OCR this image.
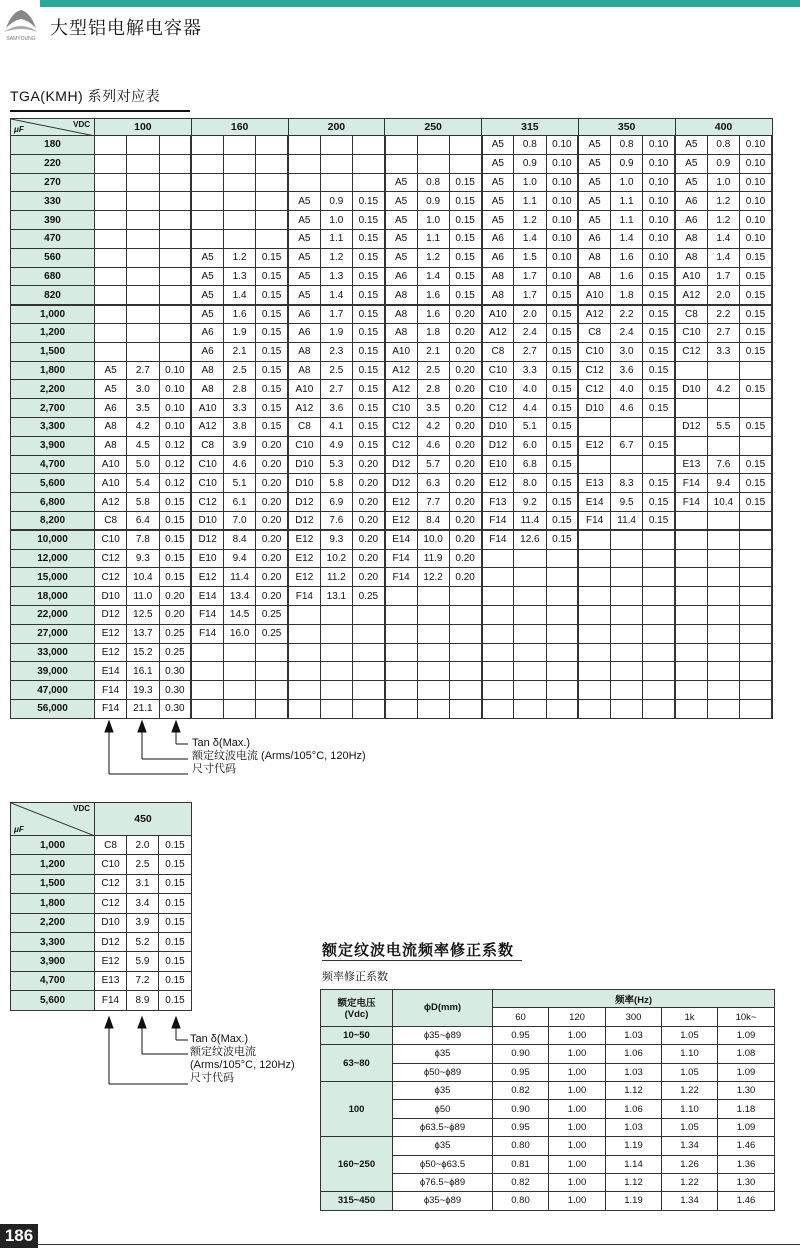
SAMYOUNG
大型铝电解电容器
TGA(KMH) 系列对应表
VDC
μF	100			160			200			250			315			350			400		
180													A5	0.8	0.10	A5	0.8	0.10	A5	0.8	0.10
220													A5	0.9	0.10	A5	0.9	0.10	A5	0.9	0.10
270										A5	0.8	0.15	A5	1.0	0.10	A5	1.0	0.10	A5	1.0	0.10
330							A5	0.9	0.15	A5	0.9	0.15	A5	1.1	0.10	A5	1.1	0.10	A6	1.2	0.10
390							A5	1.0	0.15	A5	1.0	0.15	A5	1.2	0.10	A5	1.1	0.10	A6	1.2	0.10
470							A5	1.1	0.15	A5	1.1	0.15	A6	1.4	0.10	A6	1.4	0.10	A8	1.4	0.10
560				A5	1.2	0.15	A5	1.2	0.15	A5	1.2	0.15	A6	1.5	0.10	A8	1.6	0.10	A8	1.4	0.15
680				A5	1.3	0.15	A5	1.3	0.15	A6	1.4	0.15	A8	1.7	0.10	A8	1.6	0.15	A10	1.7	0.15
820				A5	1.4	0.15	A5	1.4	0.15	A8	1.6	0.15	A8	1.7	0.15	A10	1.8	0.15	A12	2.0	0.15
1,000				A5	1.6	0.15	A6	1.7	0.15	A8	1.6	0.20	A10	2.0	0.15	A12	2.2	0.15	C8	2.2	0.15
1,200				A6	1.9	0.15	A6	1.9	0.15	A8	1.8	0.20	A12	2.4	0.15	C8	2.4	0.15	C10	2.7	0.15
1,500				A6	2.1	0.15	A8	2.3	0.15	A10	2.1	0.20	C8	2.7	0.15	C10	3.0	0.15	C12	3.3	0.15
1,800	A5	2.7	0.10	A8	2.5	0.15	A8	2.5	0.15	A12	2.5	0.20	C10	3.3	0.15	C12	3.6	0.15			
2,200	A5	3.0	0.10	A8	2.8	0.15	A10	2.7	0.15	A12	2.8	0.20	C10	4.0	0.15	C12	4.0	0.15	D10	4.2	0.15
2,700	A6	3.5	0.10	A10	3.3	0.15	A12	3.6	0.15	C10	3.5	0.20	C12	4.4	0.15	D10	4.6	0.15			
3,300	A8	4.2	0.10	A12	3.8	0.15	C8	4.1	0.15	C12	4.2	0.20	D10	5.1	0.15				D12	5.5	0.15
3,900	A8	4.5	0.12	C8	3.9	0.20	C10	4.9	0.15	C12	4.6	0.20	D12	6.0	0.15	E12	6.7	0.15			
4,700	A10	5.0	0.12	C10	4.6	0.20	D10	5.3	0.20	D12	5.7	0.20	E10	6.8	0.15				E13	7.6	0.15
5,600	A10	5.4	0.12	C10	5.1	0.20	D10	5.8	0.20	D12	6.3	0.20	E12	8.0	0.15	E13	8.3	0.15	F14	9.4	0.15
6,800	A12	5.8	0.15	C12	6.1	0.20	D12	6.9	0.20	E12	7.7	0.20	F13	9.2	0.15	E14	9.5	0.15	F14	10.4	0.15
8,200	C8	6.4	0.15	D10	7.0	0.20	D12	7.6	0.20	E12	8.4	0.20	F14	11.4	0.15	F14	11.4	0.15			
10,000	C10	7.8	0.15	D12	8.4	0.20	E12	9.3	0.20	E14	10.0	0.20	F14	12.6	0.15						
12,000	C12	9.3	0.15	E10	9.4	0.20	E12	10.2	0.20	F14	11.9	0.20									
15,000	C12	10.4	0.15	E12	11.4	0.20	E12	11.2	0.20	F14	12.2	0.20									
18,000	D10	11.0	0.20	E14	13.4	0.20	F14	13.1	0.25												
22,000	D12	12.5	0.20	F14	14.5	0.25															
27,000	E12	13.7	0.25	F14	16.0	0.25															
33,000	E12	15.2	0.25																		
39,000	E14	16.1	0.30																		
47,000	F14	19.3	0.30																		
56,000	F14	21.1	0.30																		
Tan δ(Max.)
额定纹波电流 (Arms/105°C, 120Hz)
尺寸代码
VDC
μF	450		
1,000	C8	2.0	0.15
1,200	C10	2.5	0.15
1,500	C12	3.1	0.15
1,800	C12	3.4	0.15
2,200	D10	3.9	0.15
3,300	D12	5.2	0.15
3,900	E12	5.9	0.15
4,700	E13	7.2	0.15
5,600	F14	8.9	0.15
Tan δ(Max.)
额定纹波电流
(Arms/105°C, 120Hz)
尺寸代码
额定纹波电流频率修正系数
频率修正系数
额定电压
(Vdc)	ϕD(mm)	频率(Hz)				
		60	120	300	1k	10k~
10~50	ϕ35~ϕ89	0.95	1.00	1.03	1.05	1.09
63~80	ϕ35	0.90	1.00	1.06	1.10	1.08
	ϕ50~ϕ89	0.95	1.00	1.03	1.05	1.09
100	ϕ35	0.82	1.00	1.12	1.22	1.30
	ϕ50	0.90	1.00	1.06	1.10	1.18
	ϕ63.5~ϕ89	0.95	1.00	1.03	1.05	1.09
160~250	ϕ35	0.80	1.00	1.19	1.34	1.46
	ϕ50~ϕ63.5	0.81	1.00	1.14	1.26	1.36
	ϕ76.5~ϕ89	0.82	1.00	1.12	1.22	1.30
315~450	ϕ35~ϕ89	0.80	1.00	1.19	1.34	1.46
186
